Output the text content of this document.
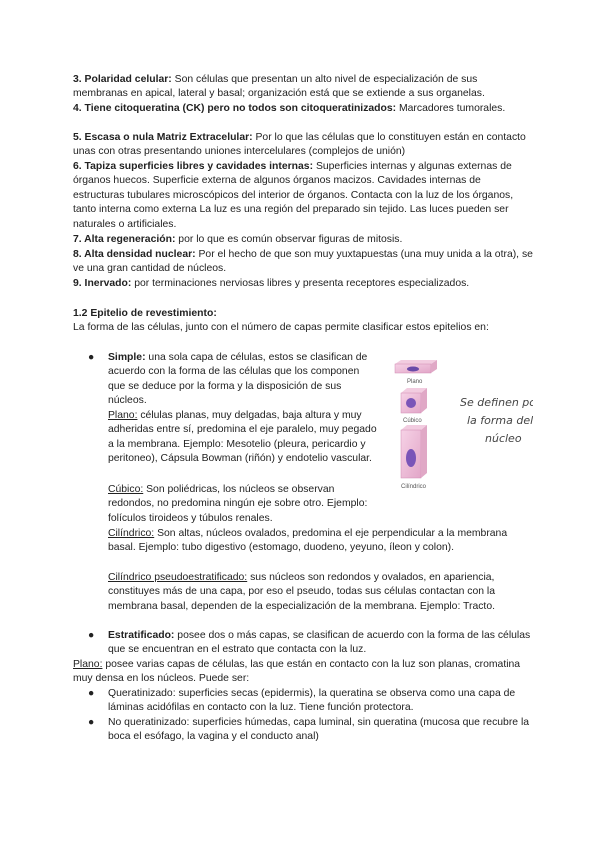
3. Polaridad celular: Son células que presentan un alto nivel de especialización de sus membranas en apical, lateral y basal; organización está que se extiende a sus organelas.

4. Tiene citoqueratina (CK) pero no todos son citoqueratinizados: Marcadores tumorales.

5. Escasa o nula Matriz Extracelular: Por lo que las células que lo constituyen están en contacto unas con otras presentando uniones intercelulares (complejos de unión)

6. Tapiza superficies libres y cavidades internas: Superficies internas y algunas externas de órganos huecos. Superficie externa de algunos órganos macizos. Cavidades internas de estructuras tubulares microscópicos del interior de órganos. Contacta con la luz de los órganos, tanto interna como externa La luz es una región del preparado sin tejido. Las luces pueden ser naturales o artificiales.

7. Alta regeneración: por lo que es común observar figuras de mitosis.

8. Alta densidad nuclear: Por el hecho de que son muy yuxtapuestas (una muy unida a la otra), se ve una gran cantidad de núcleos.

9. Inervado: por terminaciones nerviosas libres y presenta receptores especializados.

1.2 Epitelio de revestimiento:

La forma de las células, junto con el número de capas permite clasificar estos epitelios en:

● Simple: una sola capa de células, estos se clasifican de acuerdo con la forma de las células que los componen que se deduce por la forma y la disposición de sus núcleos.

Plano: células planas, muy delgadas, baja altura y muy adheridas entre sí, predomina el eje paralelo, muy pegado a la membrana. Ejemplo: Mesotelio (pleura, pericardio y peritoneo), Cápsula Bowman (riñón) y endotelio vascular.

Cúbico: Son poliédricas, los núcleos se observan redondos, no predomina ningún eje sobre otro. Ejemplo: folículos tiroideos y túbulos renales.

Cilíndrico: Son altas, núcleos ovalados, predomina el eje perpendicular a la membrana basal. Ejemplo: tubo digestivo (estomago, duodeno, yeyuno, íleon y colon).

Cilíndrico pseudoestratificado: sus núcleos son redondos y ovalados, en apariencia, constituyes más de una capa, por eso el pseudo, todas sus células contactan con la membrana basal, dependen de la especialización de la membrana. Ejemplo: Tracto.

Plano
Cúbico
Cilíndrico
Se definen por
la forma del
núcleo
● Estratificado: posee dos o más capas, se clasifican de acuerdo con la forma de las células que se encuentran en el estrato que contacta con la luz.

Plano: posee varias capas de células, las que están en contacto con la luz son planas, cromatina muy densa en los núcleos. Puede ser:

● Queratinizado: superficies secas (epidermis), la queratina se observa como una capa de láminas acidófilas en contacto con la luz. Tiene función protectora.

● No queratinizado: superficies húmedas, capa luminal, sin queratina (mucosa que recubre la boca el esófago, la vagina y el conducto anal)
